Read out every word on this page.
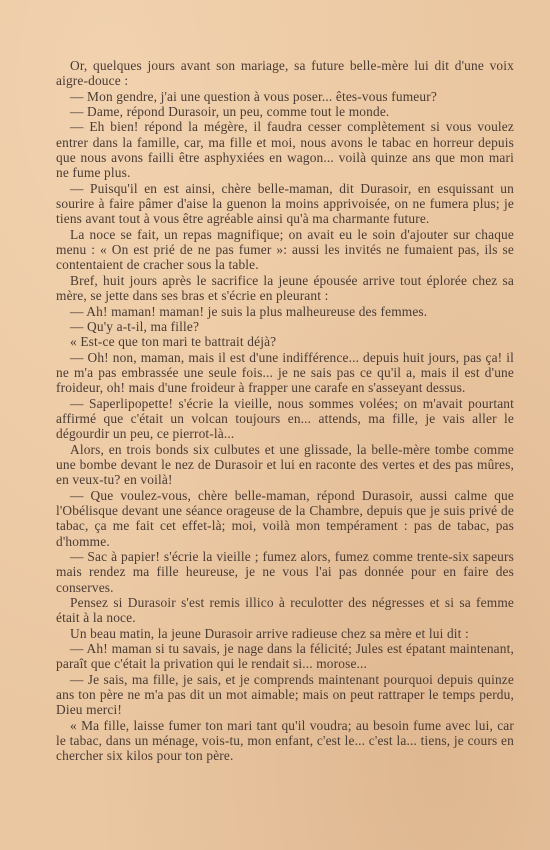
Or, quelques jours avant son mariage, sa future belle-mère lui dit d'une voix aigre-douce :

— Mon gendre, j'ai une question à vous poser... êtes-vous fumeur?

— Dame, répond Durasoir, un peu, comme tout le monde.

— Eh bien! répond la mégère, il faudra cesser complètement si vous voulez entrer dans la famille, car, ma fille et moi, nous avons le tabac en horreur depuis que nous avons failli être asphyxiées en wagon... voilà quinze ans que mon mari ne fume plus.

— Puisqu'il en est ainsi, chère belle-maman, dit Durasoir, en esquissant un sourire à faire pâmer d'aise la guenon la moins apprivoisée, on ne fumera plus; je tiens avant tout à vous être agréable ainsi qu'à ma charmante future.

La noce se fait, un repas magnifique; on avait eu le soin d'ajouter sur chaque menu : « On est prié de ne pas fumer »: aussi les invités ne fumaient pas, ils se contentaient de cracher sous la table.

Bref, huit jours après le sacrifice la jeune épousée arrive tout éplorée chez sa mère, se jette dans ses bras et s'écrie en pleurant :

— Ah! maman! maman! je suis la plus malheureuse des femmes.

— Qu'y a-t-il, ma fille?

« Est-ce que ton mari te battrait déjà?

— Oh! non, maman, mais il est d'une indifférence... depuis huit jours, pas ça! il ne m'a pas embrassée une seule fois... je ne sais pas ce qu'il a, mais il est d'une froideur, oh! mais d'une froideur à frapper une carafe en s'asseyant dessus.

— Saperlipopette! s'écrie la vieille, nous sommes volées; on m'avait pourtant affirmé que c'était un volcan toujours en... attends, ma fille, je vais aller le dégourdir un peu, ce pierrot-là...

Alors, en trois bonds six culbutes et une glissade, la belle-mère tombe comme une bombe devant le nez de Durasoir et lui en raconte des vertes et des pas mûres, en veux-tu? en voilà!

— Que voulez-vous, chère belle-maman, répond Durasoir, aussi calme que l'Obélisque devant une séance orageuse de la Chambre, depuis que je suis privé de tabac, ça me fait cet effet-là; moi, voilà mon tempérament : pas de tabac, pas d'homme.

— Sac à papier! s'écrie la vieille ; fumez alors, fumez comme trente-six sapeurs mais rendez ma fille heureuse, je ne vous l'ai pas donnée pour en faire des conserves.

Pensez si Durasoir s'est remis illico à reculotter des négresses et si sa femme était à la noce.

Un beau matin, la jeune Durasoir arrive radieuse chez sa mère et lui dit :

— Ah! maman si tu savais, je nage dans la félicité; Jules est épatant maintenant, paraît que c'était la privation qui le rendait si... morose...

— Je sais, ma fille, je sais, et je comprends maintenant pourquoi depuis quinze ans ton père ne m'a pas dit un mot aimable; mais on peut rattraper le temps perdu, Dieu merci!

« Ma fille, laisse fumer ton mari tant qu'il voudra; au besoin fume avec lui, car le tabac, dans un ménage, vois-tu, mon enfant, c'est le... c'est la... tiens, je cours en chercher six kilos pour ton père.
